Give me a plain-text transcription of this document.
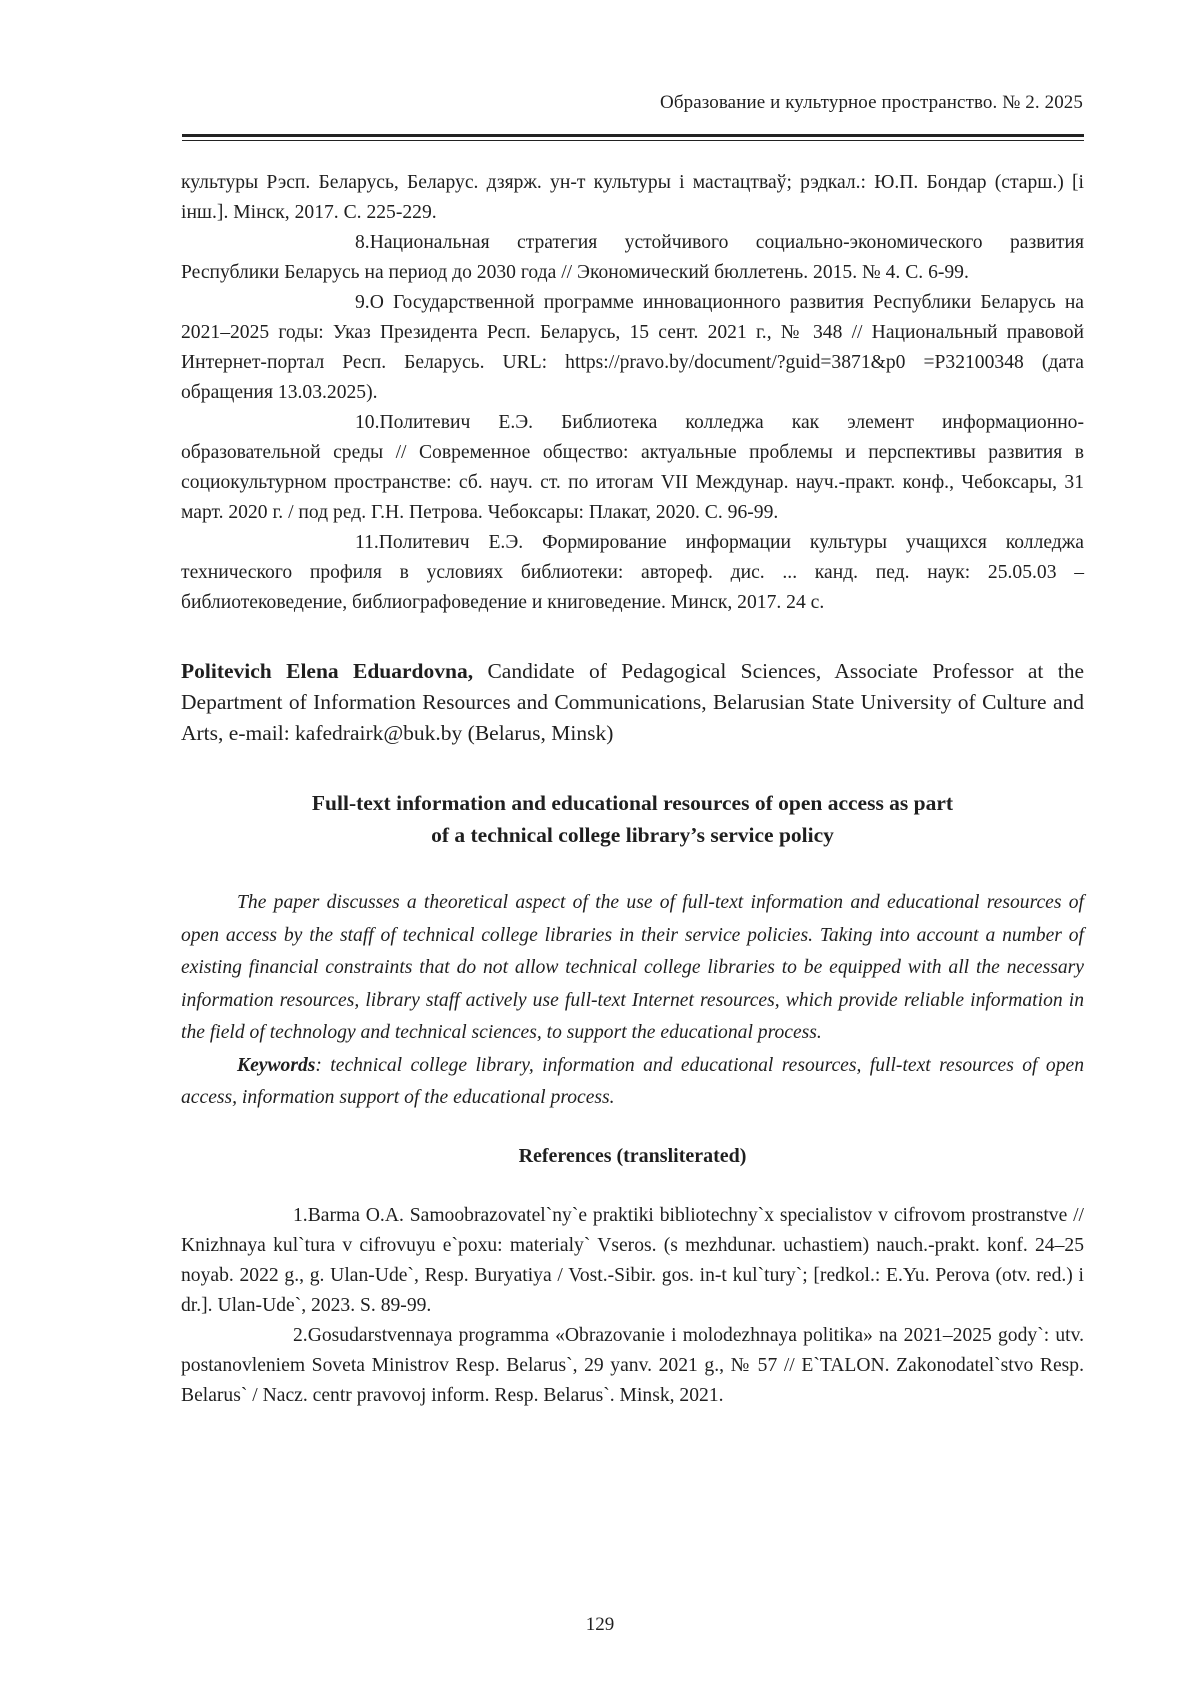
Образование и культурное пространство. № 2. 2025

культуры Рэсп. Беларусь, Беларус. дзярж. ун-т культуры і мастацтваў; рэдкал.: Ю.П. Бондар (старш.) [і інш.]. Мінск, 2017. С. 225-229.

8.Национальная стратегия устойчивого социально-экономического развития Республики Беларусь на период до 2030 года // Экономический бюллетень. 2015. № 4. С. 6-99.

9.О Государственной программе инновационного развития Республики Беларусь на 2021–2025 годы: Указ Президента Респ. Беларусь, 15 сент. 2021 г., № 348 // Национальный правовой Интернет-портал Респ. Беларусь. URL: https://pravo.by/document/?guid=3871&p0 =P32100348 (дата обращения 13.03.2025).

10.Политевич Е.Э. Библиотека колледжа как элемент информационно-образовательной среды // Современное общество: актуальные проблемы и перспективы развития в социокультурном пространстве: сб. науч. ст. по итогам VII Междунар. науч.-практ. конф., Чебоксары, 31 март. 2020 г. / под ред. Г.Н. Петрова. Чебоксары: Плакат, 2020. С. 96-99.

11.Политевич Е.Э. Формирование информации культуры учащихся колледжа технического профиля в условиях библиотеки: автореф. дис. ... канд. пед. наук: 25.05.03 – библиотековедение, библиографоведение и книговедение. Минск, 2017. 24 с.

Politevich Elena Eduardovna, Candidate of Pedagogical Sciences, Associate Professor at the Department of Information Resources and Communications, Belarusian State University of Culture and Arts, e-mail: kafedrairk@buk.by (Belarus, Minsk)

Full-text information and educational resources of open access as part
of a technical college library’s service policy

The paper discusses a theoretical aspect of the use of full-text information and educational resources of open access by the staff of technical college libraries in their service policies. Taking into account a number of existing financial constraints that do not allow technical college libraries to be equipped with all the necessary information resources, library staff actively use full-text Internet resources, which provide reliable information in the field of technology and technical sciences, to support the educational process.

Keywords: technical college library, information and educational resources, full-text resources of open access, information support of the educational process.

References (transliterated)

1.Barma O.A. Samoobrazovatel`ny`e praktiki bibliotechny`x specialistov v cifrovom prostranstve // Knizhnaya kul`tura v cifrovuyu e`poxu: materialy` Vseros. (s mezhdunar. uchastiem) nauch.-prakt. konf. 24–25 noyab. 2022 g., g. Ulan-Ude`, Resp. Buryatiya / Vost.-Sibir. gos. in-t kul`tury`; [redkol.: E.Yu. Perova (otv. red.) i dr.]. Ulan-Ude`, 2023. S. 89-99.

2.Gosudarstvennaya programma «Obrazovanie i molodezhnaya politika» na 2021–2025 gody`: utv. postanovleniem Soveta Ministrov Resp. Belarus`, 29 yanv. 2021 g., № 57 // E`TALON. Zakonodatel`stvo Resp. Belarus` / Nacz. centr pravovoj inform. Resp. Belarus`. Minsk, 2021.

129
